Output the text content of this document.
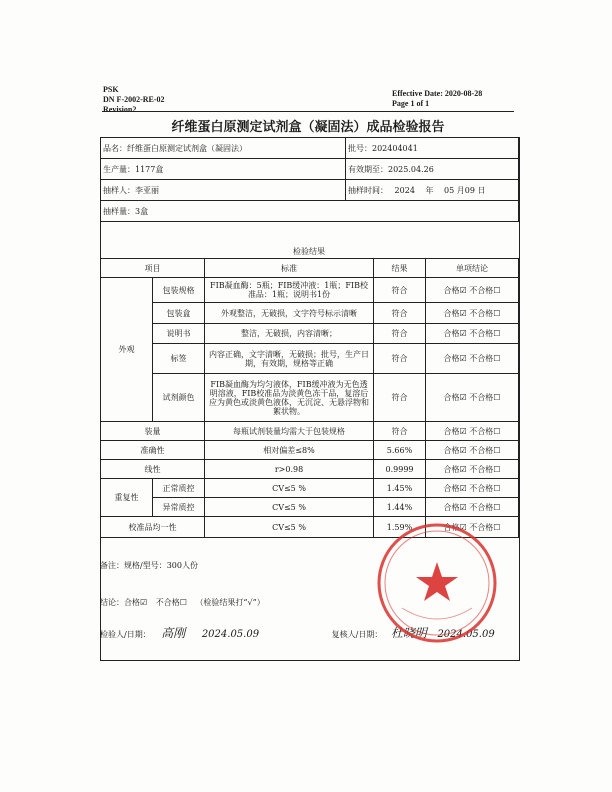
PSK
DN F-2002-RE-02
Revision2
Effective Date: 2020-08-28
Page 1 of 1
纤维蛋白原测定试剂盒（凝固法）成品检验报告
品名：纤维蛋白原测定试剂盒（凝固法）	批号：202404041
生产量：1177盒	有效期至：2025.04.26
抽样人：李亚丽	抽样时间： 2024 年 05 月09 日
抽样量：3盒	
检验结果
项目		标准	结果	单项结论
外观	包装规格	FIB凝血酶：5瓶；FIB缓冲液：1瓶；FIB校准品：1瓶；说明书1份	符合	合格☑ 不合格☐
	包装盒	外观整洁，无破损，文字符号标示清晰	符合	合格☑ 不合格☐
	说明书	整洁，无破损，内容清晰；	符合	合格☑ 不合格☐
	标签	内容正确，文字清晰，无破损；批号，生产日期，有效期，规格等正确	符合	合格☑ 不合格☐
	试剂颜色	FIB凝血酶为均匀液体，FIB缓冲液为无色透明溶液，FIB校准品为淡黄色冻干品，复溶后应为黄色或淡黄色液体，无沉淀、无悬浮物和絮状物。	符合	合格☑ 不合格☐
装量		每瓶试剂装量均需大于包装规格	符合	合格☑ 不合格☐
准确性		相对偏差≤8%	5.66%	合格☑ 不合格☐
线性		r>0.98	0.9999	合格☑ 不合格☐
重复性	正常质控	CV≤5 %	1.45%	合格☑ 不合格☐
	异常质控	CV≤5 %	1.44%	合格☑ 不合格☐
校准品均一性		CV≤5 %	1.59%	合格☑ 不合格☐
备注：规格/型号：300人份
结论：合格☑ 不合格☐ （检验结果打“√”）
检验人/日期： 高刚 2024.05.09	复核人/日期： 杜晓明 2024.05.09
